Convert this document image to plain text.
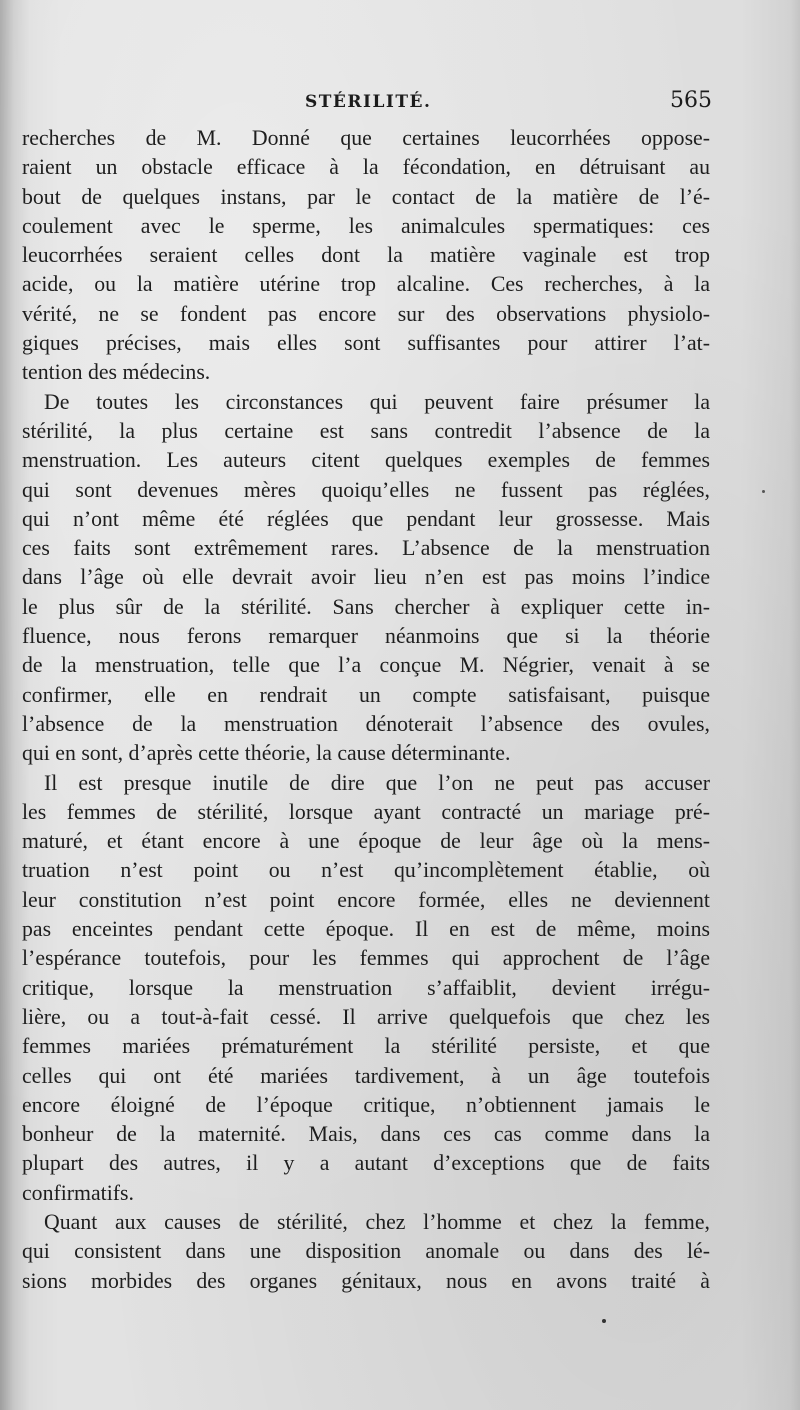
STÉRILITÉ.	565
recherches de M. Donné que certaines leucorrhées oppose-
raient un obstacle efficace à la fécondation, en détruisant au
bout de quelques instans, par le contact de la matière de l’é-
coulement avec le sperme, les animalcules spermatiques: ces
leucorrhées seraient celles dont la matière vaginale est trop
acide, ou la matière utérine trop alcaline. Ces recherches, à la
vérité, ne se fondent pas encore sur des observations physiolo-
giques précises, mais elles sont suffisantes pour attirer l’at-
tention des médecins.
De toutes les circonstances qui peuvent faire présumer la
stérilité, la plus certaine est sans contredit l’absence de la
menstruation. Les auteurs citent quelques exemples de femmes
qui sont devenues mères quoiqu’elles ne fussent pas réglées,
qui n’ont même été réglées que pendant leur grossesse. Mais
ces faits sont extrêmement rares. L’absence de la menstruation
dans l’âge où elle devrait avoir lieu n’en est pas moins l’indice
le plus sûr de la stérilité. Sans chercher à expliquer cette in-
fluence, nous ferons remarquer néanmoins que si la théorie
de la menstruation, telle que l’a conçue M. Négrier, venait à se
confirmer, elle en rendrait un compte satisfaisant, puisque
l’absence de la menstruation dénoterait l’absence des ovules,
qui en sont, d’après cette théorie, la cause déterminante.
Il est presque inutile de dire que l’on ne peut pas accuser
les femmes de stérilité, lorsque ayant contracté un mariage pré-
maturé, et étant encore à une époque de leur âge où la mens-
truation n’est point ou n’est qu’incomplètement établie, où
leur constitution n’est point encore formée, elles ne deviennent
pas enceintes pendant cette époque. Il en est de même, moins
l’espérance toutefois, pour les femmes qui approchent de l’âge
critique, lorsque la menstruation s’affaiblit, devient irrégu-
lière, ou a tout-à-fait cessé. Il arrive quelquefois que chez les
femmes mariées prématurément la stérilité persiste, et que
celles qui ont été mariées tardivement, à un âge toutefois
encore éloigné de l’époque critique, n’obtiennent jamais le
bonheur de la maternité. Mais, dans ces cas comme dans la
plupart des autres, il y a autant d’exceptions que de faits
confirmatifs.
Quant aux causes de stérilité, chez l’homme et chez la femme,
qui consistent dans une disposition anomale ou dans des lé-
sions morbides des organes génitaux, nous en avons traité à
